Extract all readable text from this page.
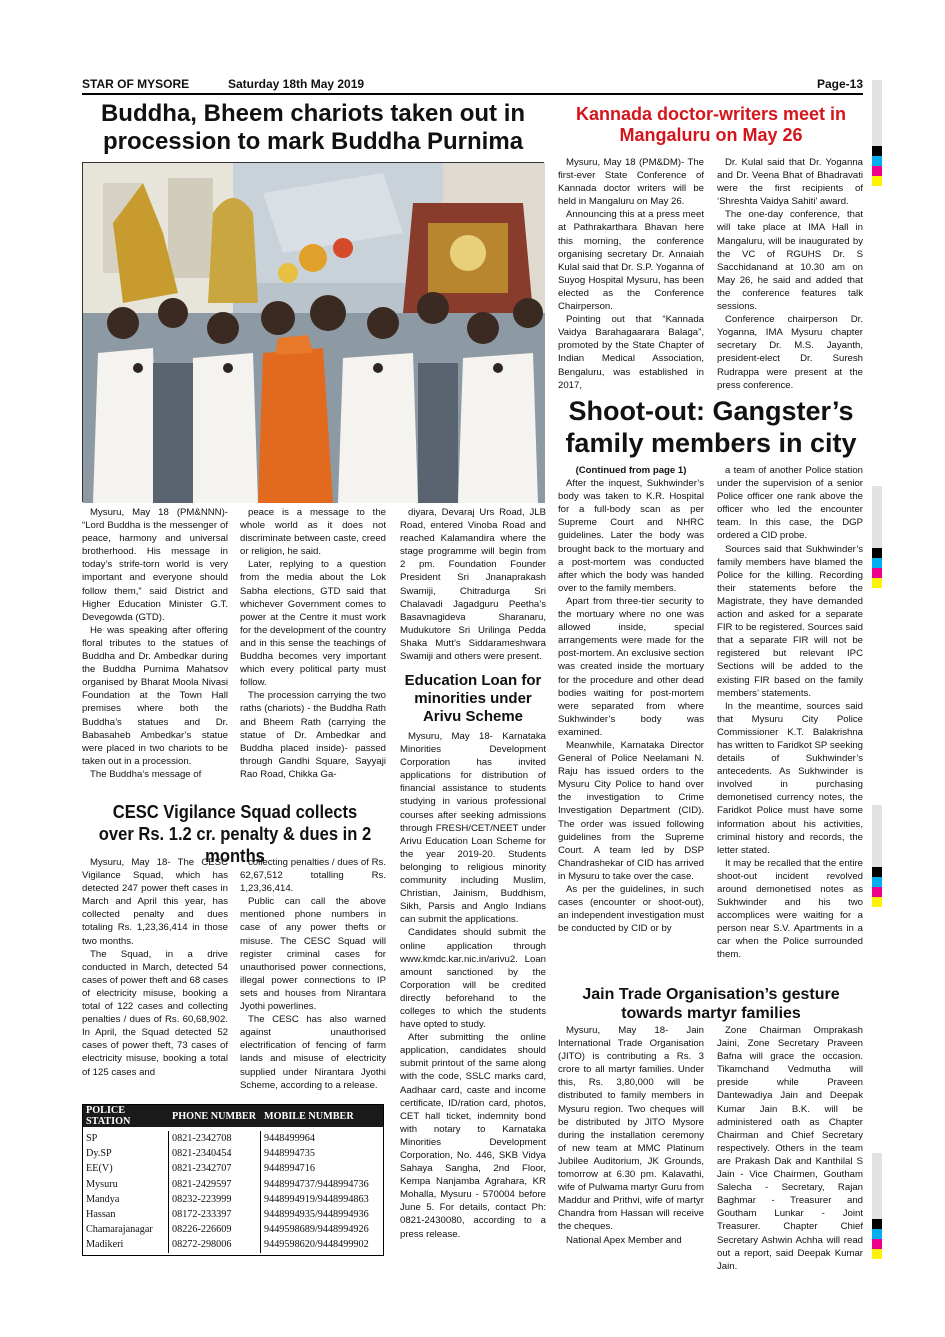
STAR OF MYSORE	Saturday 18th May 2019	Page-13
Buddha, Bheem chariots taken out in procession to mark Buddha Purnima

Mysuru, May 18 (PM&NNN)- “Lord Buddha is the messenger of peace, harmony and universal brotherhood. His message in today’s strife-torn world is very important and everyone should follow them,” said District and Higher Education Minister G.T. Devegowda (GTD).

He was speaking after offering floral tributes to the statues of Buddha and Dr. Ambedkar during the Buddha Purnima Mahatsov organised by Bharat Moola Nivasi Foundation at the Town Hall premises where both the Buddha’s statues and Dr. Babasaheb Ambedkar’s statue were placed in two chariots to be taken out in a procession.

The Buddha’s message of

peace is a message to the whole world as it does not discriminate between caste, creed or religion, he said.

Later, replying to a question from the media about the Lok Sabha elections, GTD said that whichever Government comes to power at the Centre it must work for the development of the country and in this sense the teachings of Buddha becomes very important which every political party must follow.

The procession carrying the two raths (chariots) - the Buddha Rath and Bheem Rath (carrying the statue of Dr. Ambedkar and Buddha placed inside)- passed through Gandhi Square, Sayyaji Rao Road, Chikka Ga-

diyara, Devaraj Urs Road, JLB Road, entered Vinoba Road and reached Kalamandira where the stage programme will begin from 2 pm. Foundation Founder President Sri Jnanaprakash Swamiji, Chitradurga Sri Chalavadi Jagadguru Peetha’s Basavnagideva Sharanaru, Mudukutore Sri Urilinga Pedda Shaka Mutt’s Siddarameshwara Swamiji and others were present.

Education Loan for minorities under Arivu Scheme

Mysuru, May 18- Karnataka Minorities Development Corporation has invited applications for distribution of financial assistance to students studying in various professional courses after seeking admissions through FRESH/CET/NEET under Arivu Education Loan Scheme for the year 2019-20. Students belonging to religious minority community including Muslim, Christian, Jainism, Buddhism, Sikh, Parsis and Anglo Indians can submit the applications.

Candidates should submit the online application through www.kmdc.kar.nic.in/arivu2. Loan amount sanctioned by the Corporation will be credited directly beforehand to the colleges to which the students have opted to study.

After submitting the online application, candidates should submit printout of the same along with the code, SSLC marks card, Aadhaar card, caste and income certificate, ID/ration card, photos, CET hall ticket, indemnity bond with notary to Karnataka Minorities Development Corporation, No. 446, SKB Vidya Sahaya Sangha, 2nd Floor, Kempa Nanjamba Agrahara, KR Mohalla, Mysuru - 570004 before June 5. For details, contact Ph: 0821-2430080, according to a press release.

CESC Vigilance Squad collects over Rs. 1.2 cr. penalty & dues in 2 months

Mysuru, May 18- The CESC Vigilance Squad, which has detected 247 power theft cases in March and April this year, has collected penalty and dues totaling Rs. 1,23,36,414 in those two months.

The Squad, in a drive conducted in March, detected 54 cases of power theft and 68 cases of electricity misuse, booking a total of 122 cases and collecting penalties / dues of Rs. 60,68,902. In April, the Squad detected 52 cases of power theft, 73 cases of electricity misuse, booking a total of 125 cases and

collecting penalties / dues of Rs. 62,67,512 totalling Rs. 1,23,36,414.

Public can call the above mentioned phone numbers in case of any power thefts or misuse. The CESC Squad will register criminal cases for unauthorised power connections, illegal power connections to IP sets and houses from Nirantara Jyothi powerlines.

The CESC has also warned against unauthorised electrification of fencing of farm lands and misuse of electricity supplied under Nirantara Jyothi Scheme, according to a release.

POLICE STATION	PHONE NUMBER MOBILE NUMBER
SP	0821-2342708	9448499964
Dy.SP	0821-2340454	9448994735
EE(V)	0821-2342707	9448994716
Mysuru	0821-2429597	9448994737/9448994736
Mandya	08232-223999	9448994919/9448994863
Hassan	08172-233397	9448994935/9448994936
Chamarajanagar	08226-226609	9449598689/9448994926
Madikeri	08272-298006	9449598620/9448499902
Kannada doctor-writers meet in Mangaluru on May 26

Mysuru, May 18 (PM&DM)- The first-ever State Conference of Kannada doctor writers will be held in Mangaluru on May 26.

Announcing this at a press meet at Pathrakarthara Bhavan here this morning, the conference organising secretary Dr. Annaiah Kulal said that Dr. S.P. Yoganna of Suyog Hospital Mysuru, has been elected as the Conference Chairperson.

Pointing out that “Kannada Vaidya Barahagaarara Balaga”, promoted by the State Chapter of Indian Medical Association, Bengaluru, was established in 2017,

Dr. Kulal said that Dr. Yoganna and Dr. Veena Bhat of Bhadravati were the first recipients of ‘Shreshta Vaidya Sahiti’ award.

The one-day conference, that will take place at IMA Hall in Mangaluru, will be inaugurated by the VC of RGUHS Dr. S Sacchidanand at 10.30 am on May 26, he said and added that the conference features talk sessions.

Conference chairperson Dr. Yoganna, IMA Mysuru chapter secretary Dr. M.S. Jayanth, president-elect Dr. Suresh Rudrappa were present at the press conference.

Shoot-out: Gangster’s family members in city

(Continued from page 1)

After the inquest, Sukhwinder’s body was taken to K.R. Hospital for a full-body scan as per Supreme Court and NHRC guidelines. Later the body was brought back to the mortuary and a post-mortem was conducted after which the body was handed over to the family members.

Apart from three-tier security to the mortuary where no one was allowed inside, special arrangements were made for the post-mortem. An exclusive section was created inside the mortuary for the procedure and other dead bodies waiting for post-mortem were separated from where Sukhwinder’s body was examined.

Meanwhile, Karnataka Director General of Police Neelamani N. Raju has issued orders to the Mysuru City Police to hand over the investigation to Crime Investigation Department (CID). The order was issued following guidelines from the Supreme Court. A team led by DSP Chandrashekar of CID has arrived in Mysuru to take over the case.

As per the guidelines, in such cases (encounter or shoot-out), an independent investigation must be conducted by CID or by

a team of another Police station under the supervision of a senior Police officer one rank above the officer who led the encounter team. In this case, the DGP ordered a CID probe.

Sources said that Sukhwinder’s family members have blamed the Police for the killing. Recording their statements before the Magistrate, they have demanded action and asked for a separate FIR to be registered. Sources said that a separate FIR will not be registered but relevant IPC Sections will be added to the existing FIR based on the family members’ statements.

In the meantime, sources said that Mysuru City Police Commissioner K.T. Balakrishna has written to Faridkot SP seeking details of Sukhwinder’s antecedents. As Sukhwinder is involved in purchasing demonetised currency notes, the Faridkot Police must have some information about his activities, criminal history and records, the letter stated.

It may be recalled that the entire shoot-out incident revolved around demonetised notes as Sukhwinder and his two accomplices were waiting for a person near S.V. Apartments in a car when the Police surrounded them.

Jain Trade Organisation’s gesture towards martyr families

Mysuru, May 18- Jain International Trade Organisation (JITO) is contributing a Rs. 3 crore to all martyr families. Under this, Rs. 3,80,000 will be distributed to family members in Mysuru region. Two cheques will be distributed by JITO Mysore during the installation ceremony of new team at MMC Platinum Jubilee Auditorium, JK Grounds, tomorrow at 6.30 pm. Kalavathi, wife of Pulwama martyr Guru from Maddur and Prithvi, wife of martyr Chandra from Hassan will receive the cheques.

National Apex Member and

Zone Chairman Omprakash Jaini, Zone Secretary Praveen Bafna will grace the occasion. Tikamchand Vedmutha will preside while Praveen Dantewadiya Jain and Deepak Kumar Jain B.K. will be administered oath as Chapter Chairman and Chief Secretary respectively. Others in the team are Prakash Dak and Kanthilal S Jain - Vice Chairmen, Goutham Salecha - Secretary, Rajan Baghmar - Treasurer and Goutham Lunkar - Joint Treasurer. Chapter Chief Secretary Ashwin Achha will read out a report, said Deepak Kumar Jain.
